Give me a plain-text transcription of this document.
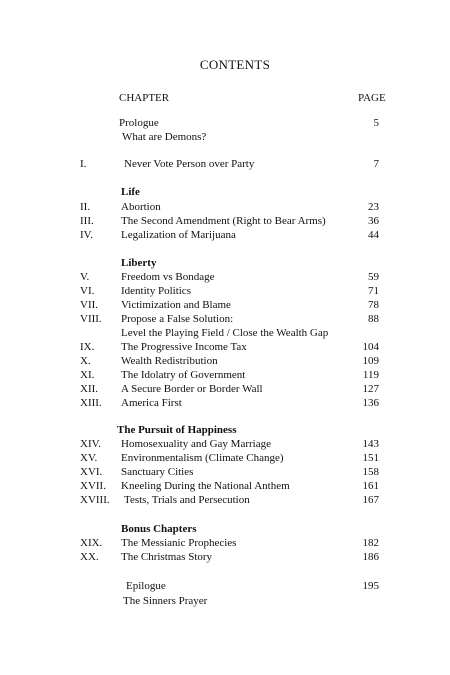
CONTENTS
CHAPTER	PAGE
Prologue	5
What are Demons?
I.	Never Vote Person over Party	7
Life
II.	Abortion	23
III. The Second Amendment (Right to Bear Arms)	36
IV.	Legalization of Marijuana	44
Liberty
V.	Freedom vs Bondage	59
VI. Identity Politics	71
VII. Victimization and Blame	78
VIII. Propose a False Solution:	88
Level the Playing Field / Close the Wealth Gap
IX. The Progressive Income Tax	104
X.	Wealth Redistribution	109
XI. The Idolatry of Government	119
XII. A Secure Border or Border Wall	127
XIII. America First	136
The Pursuit of Happiness
XIV. Homosexuality and Gay Marriage	143
XV. Environmentalism (Climate Change)	151
XVI. Sanctuary Cities	158
XVII. Kneeling During the National Anthem	161
XVIII. Tests, Trials and Persecution	167
Bonus Chapters
XIX. The Messianic Prophecies	182
XX. The Christmas Story	186
Epilogue	195
The Sinners Prayer
